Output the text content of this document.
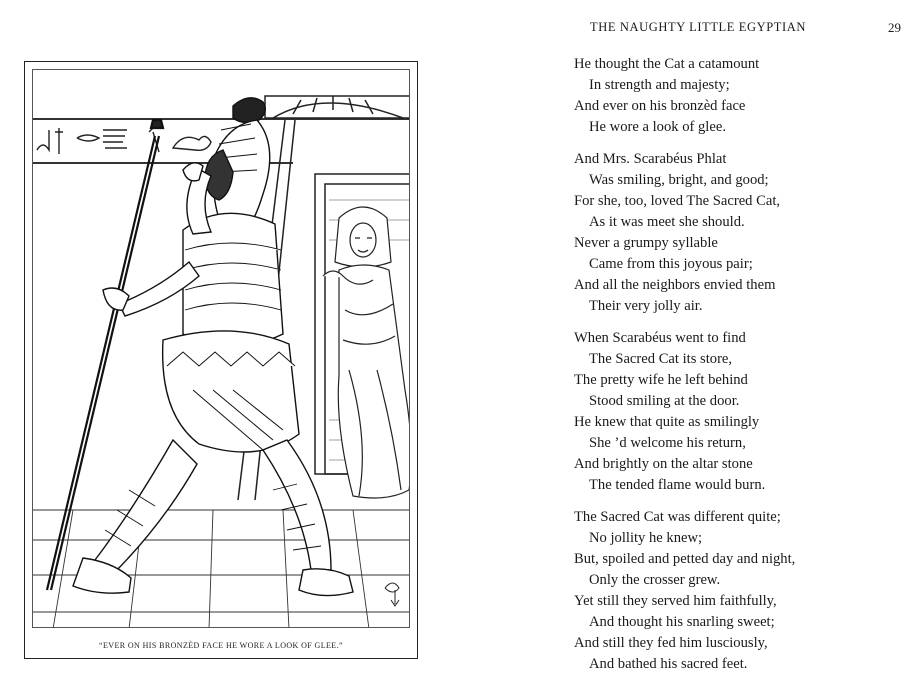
“EVER ON HIS BRONZÈD FACE HE WORE A LOOK OF GLEE.”
THE NAUGHTY LITTLE EGYPTIAN	29
He thought the Cat a catamount
In strength and majesty;
And ever on his bronzèd face
He wore a look of glee.
And Mrs. Scarabéus Phlat
Was smiling, bright, and good;
For she, too, loved The Sacred Cat,
As it was meet she should.
Never a grumpy syllable
Came from this joyous pair;
And all the neighbors envied them
Their very jolly air.
When Scarabéus went to find
The Sacred Cat its store,
The pretty wife he left behind
Stood smiling at the door.
He knew that quite as smilingly
She ’d welcome his return,
And brightly on the altar stone
The tended flame would burn.
The Sacred Cat was different quite;
No jollity he knew;
But, spoiled and petted day and night,
Only the crosser grew.
Yet still they served him faithfully,
And thought his snarling sweet;
And still they fed him lusciously,
And bathed his sacred feet.
